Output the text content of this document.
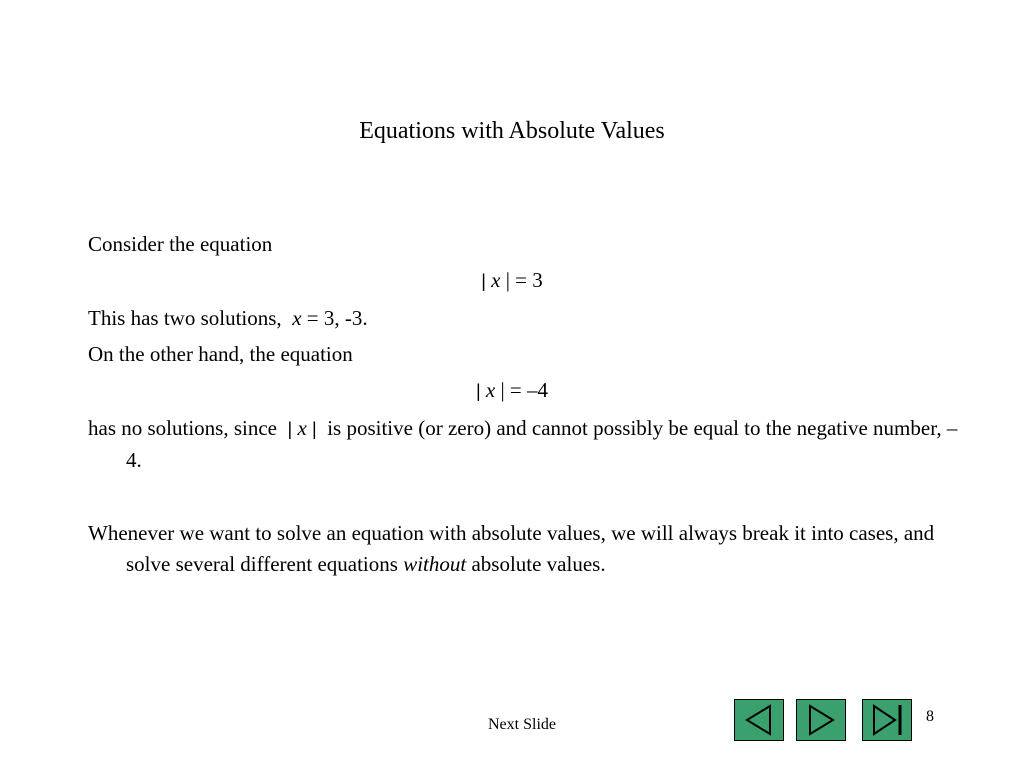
Equations with Absolute Values
Consider the equation
| x | = 3
This has two solutions, x = 3, -3.
On the other hand, the equation
| x | = –4
has no solutions, since | x | is positive (or zero) and cannot possibly be equal to the negative number, –4.
Whenever we want to solve an equation with absolute values, we will always break it into cases, and solve several different equations without absolute values.
Next Slide	8
